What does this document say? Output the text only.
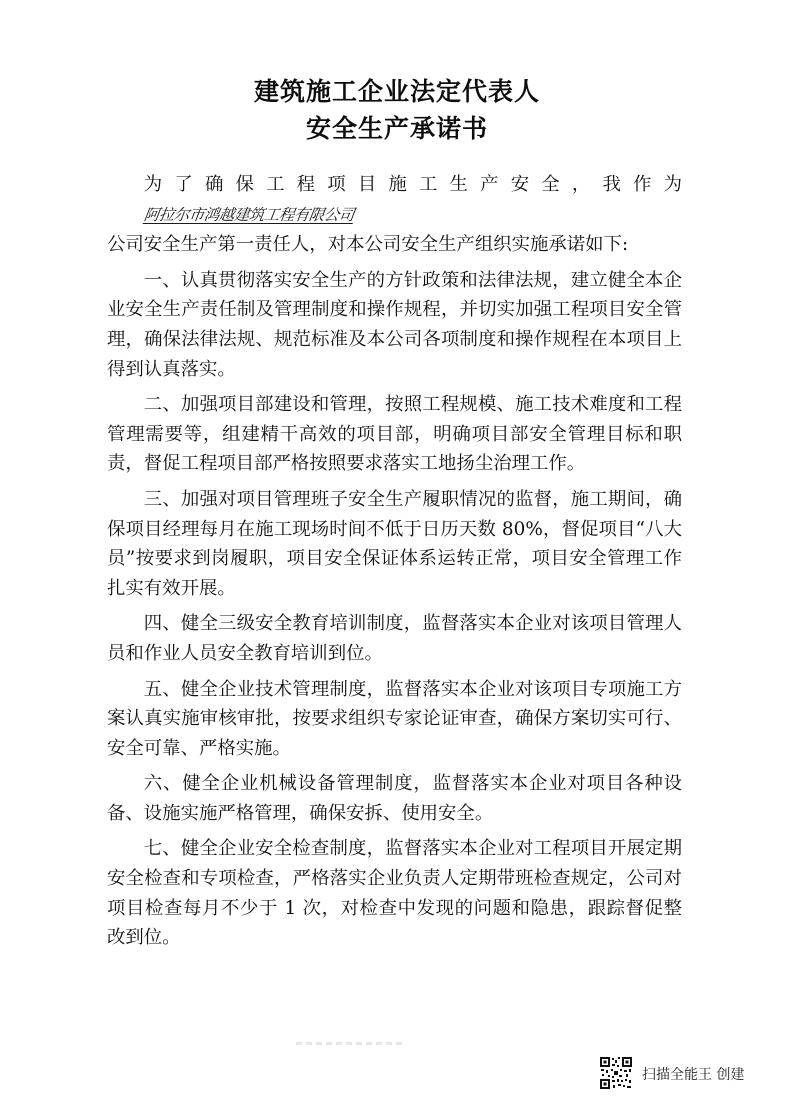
建筑施工企业法定代表人
安全生产承诺书

为了确保工程项目施工生产安全，我作为阿拉尔市鸿越建筑工程有限公司

公司安全生产第一责任人，对本公司安全生产组织实施承诺如下:

一、认真贯彻落实安全生产的方针政策和法律法规，建立健全本企业安全生产责任制及管理制度和操作规程，并切实加强工程项目安全管理，确保法律法规、规范标准及本公司各项制度和操作规程在本项目上得到认真落实。

二、加强项目部建设和管理，按照工程规模、施工技术难度和工程管理需要等，组建精干高效的项目部，明确项目部安全管理目标和职责，督促工程项目部严格按照要求落实工地扬尘治理工作。

三、加强对项目管理班子安全生产履职情况的监督，施工期间，确保项目经理每月在施工现场时间不低于日历天数 80%，督促项目“八大员”按要求到岗履职，项目安全保证体系运转正常，项目安全管理工作扎实有效开展。

四、健全三级安全教育培训制度，监督落实本企业对该项目管理人员和作业人员安全教育培训到位。

五、健全企业技术管理制度，监督落实本企业对该项目专项施工方案认真实施审核审批，按要求组织专家论证审查，确保方案切实可行、安全可靠、严格实施。

六、健全企业机械设备管理制度，监督落实本企业对项目各种设备、设施实施严格管理，确保安拆、使用安全。

七、健全企业安全检查制度，监督落实本企业对工程项目开展定期安全检查和专项检查，严格落实企业负责人定期带班检查规定，公司对项目检查每月不少于 1 次，对检查中发现的问题和隐患，跟踪督促整改到位。

扫描全能王 创建
